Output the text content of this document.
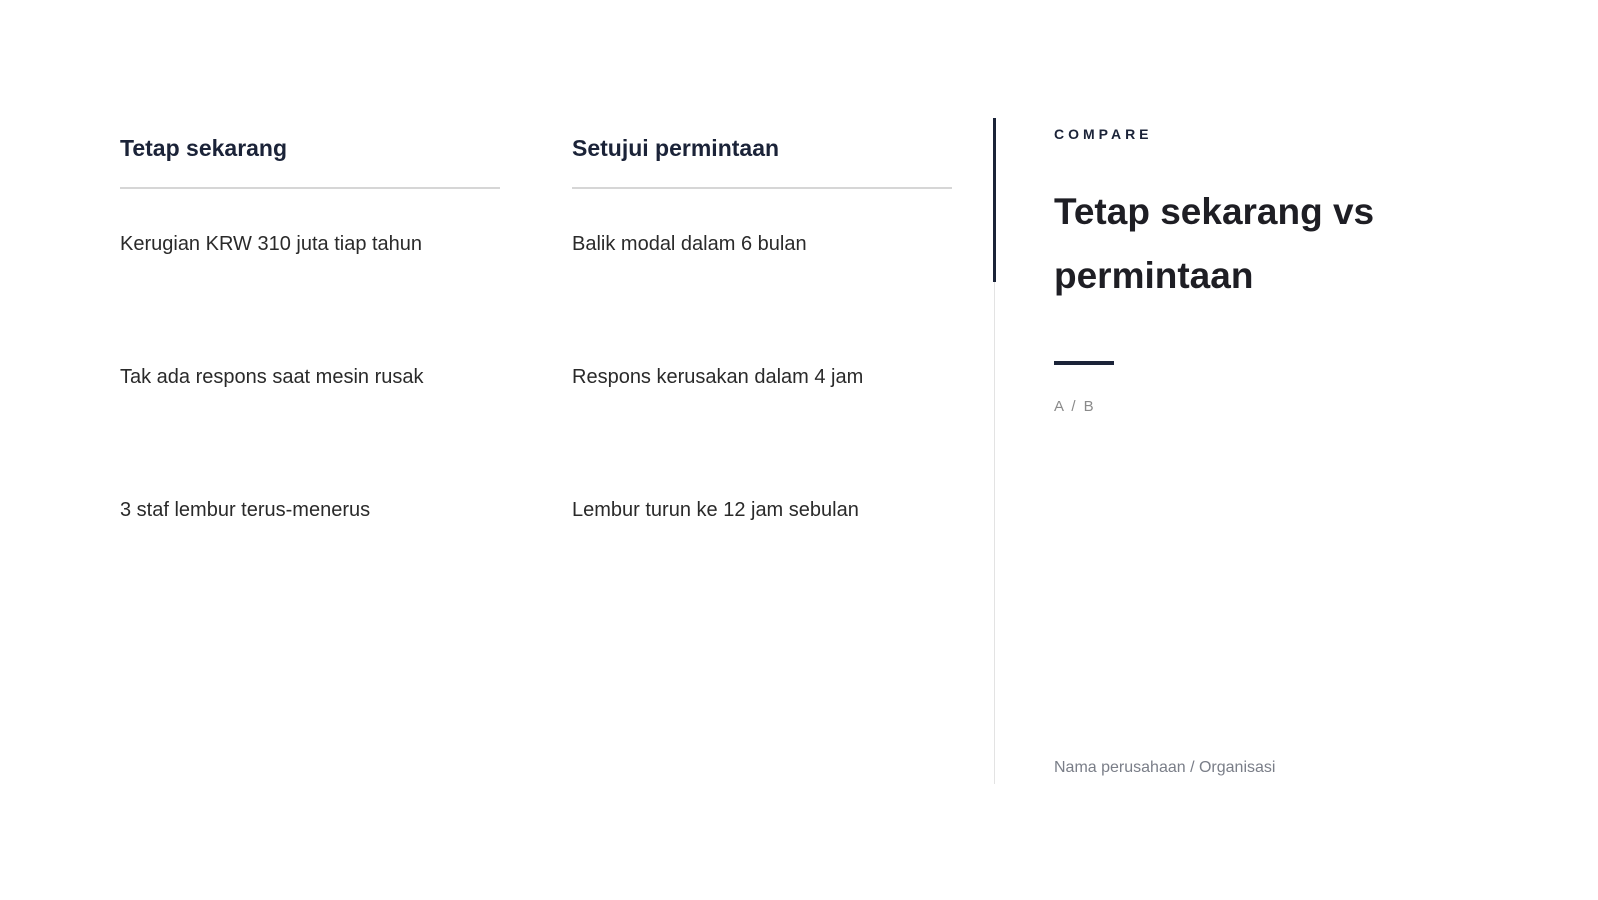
Tetap sekarang
Kerugian KRW 310 juta tiap tahun
Tak ada respons saat mesin rusak
3 staf lembur terus-menerus
Setujui permintaan
Balik modal dalam 6 bulan
Respons kerusakan dalam 4 jam
Lembur turun ke 12 jam sebulan
COMPARE
Tetap sekarang vs permintaan
A / B
Nama perusahaan / Organisasi
